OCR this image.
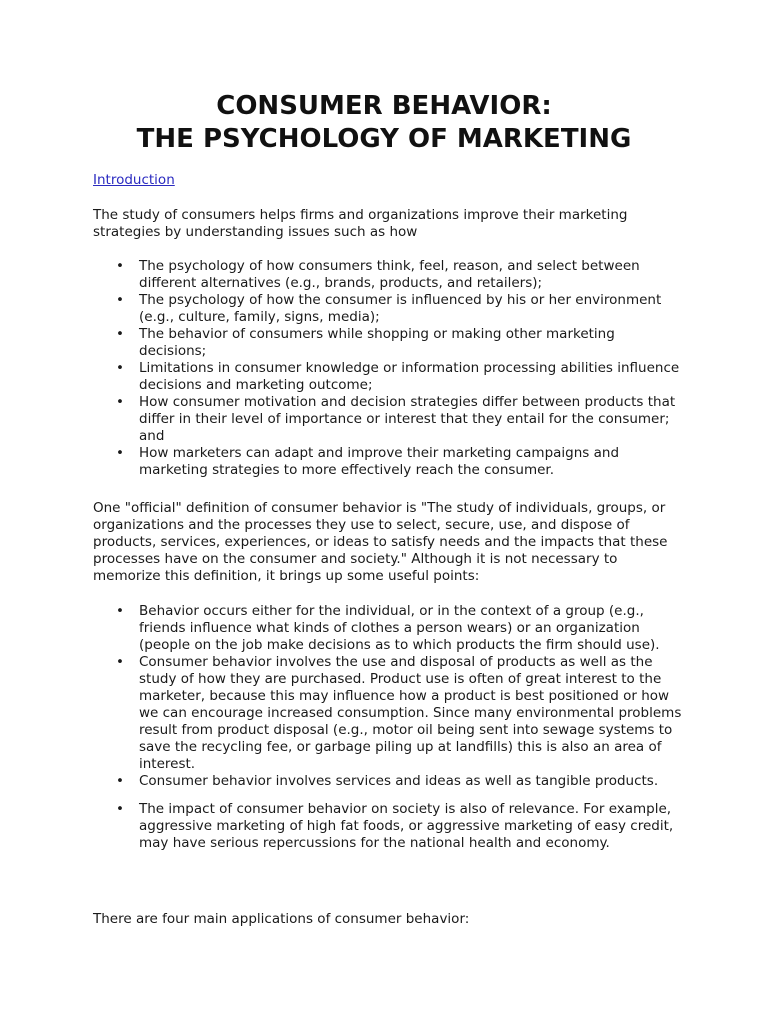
CONSUMER BEHAVIOR:
THE PSYCHOLOGY OF MARKETING
Introduction

The study of consumers helps firms and organizations improve their marketing strategies by understanding issues such as how

• The psychology of how consumers think, feel, reason, and select between different alternatives (e.g., brands, products, and retailers);
• The psychology of how the consumer is influenced by his or her environment (e.g., culture, family, signs, media);
• The behavior of consumers while shopping or making other marketing decisions;
• Limitations in consumer knowledge or information processing abilities influence decisions and marketing outcome;
• How consumer motivation and decision strategies differ between products that differ in their level of importance or interest that they entail for the consumer; and
• How marketers can adapt and improve their marketing campaigns and marketing strategies to more effectively reach the consumer.

One "official" definition of consumer behavior is "The study of individuals, groups, or organizations and the processes they use to select, secure, use, and dispose of products, services, experiences, or ideas to satisfy needs and the impacts that these processes have on the consumer and society." Although it is not necessary to memorize this definition, it brings up some useful points:

• Behavior occurs either for the individual, or in the context of a group (e.g., friends influence what kinds of clothes a person wears) or an organization (people on the job make decisions as to which products the firm should use).
• Consumer behavior involves the use and disposal of products as well as the study of how they are purchased. Product use is often of great interest to the marketer, because this may influence how a product is best positioned or how we can encourage increased consumption. Since many environmental problems result from product disposal (e.g., motor oil being sent into sewage systems to save the recycling fee, or garbage piling up at landfills) this is also an area of interest.
• Consumer behavior involves services and ideas as well as tangible products.
• The impact of consumer behavior on society is also of relevance. For example, aggressive marketing of high fat foods, or aggressive marketing of easy credit, may have serious repercussions for the national health and economy.

There are four main applications of consumer behavior:
